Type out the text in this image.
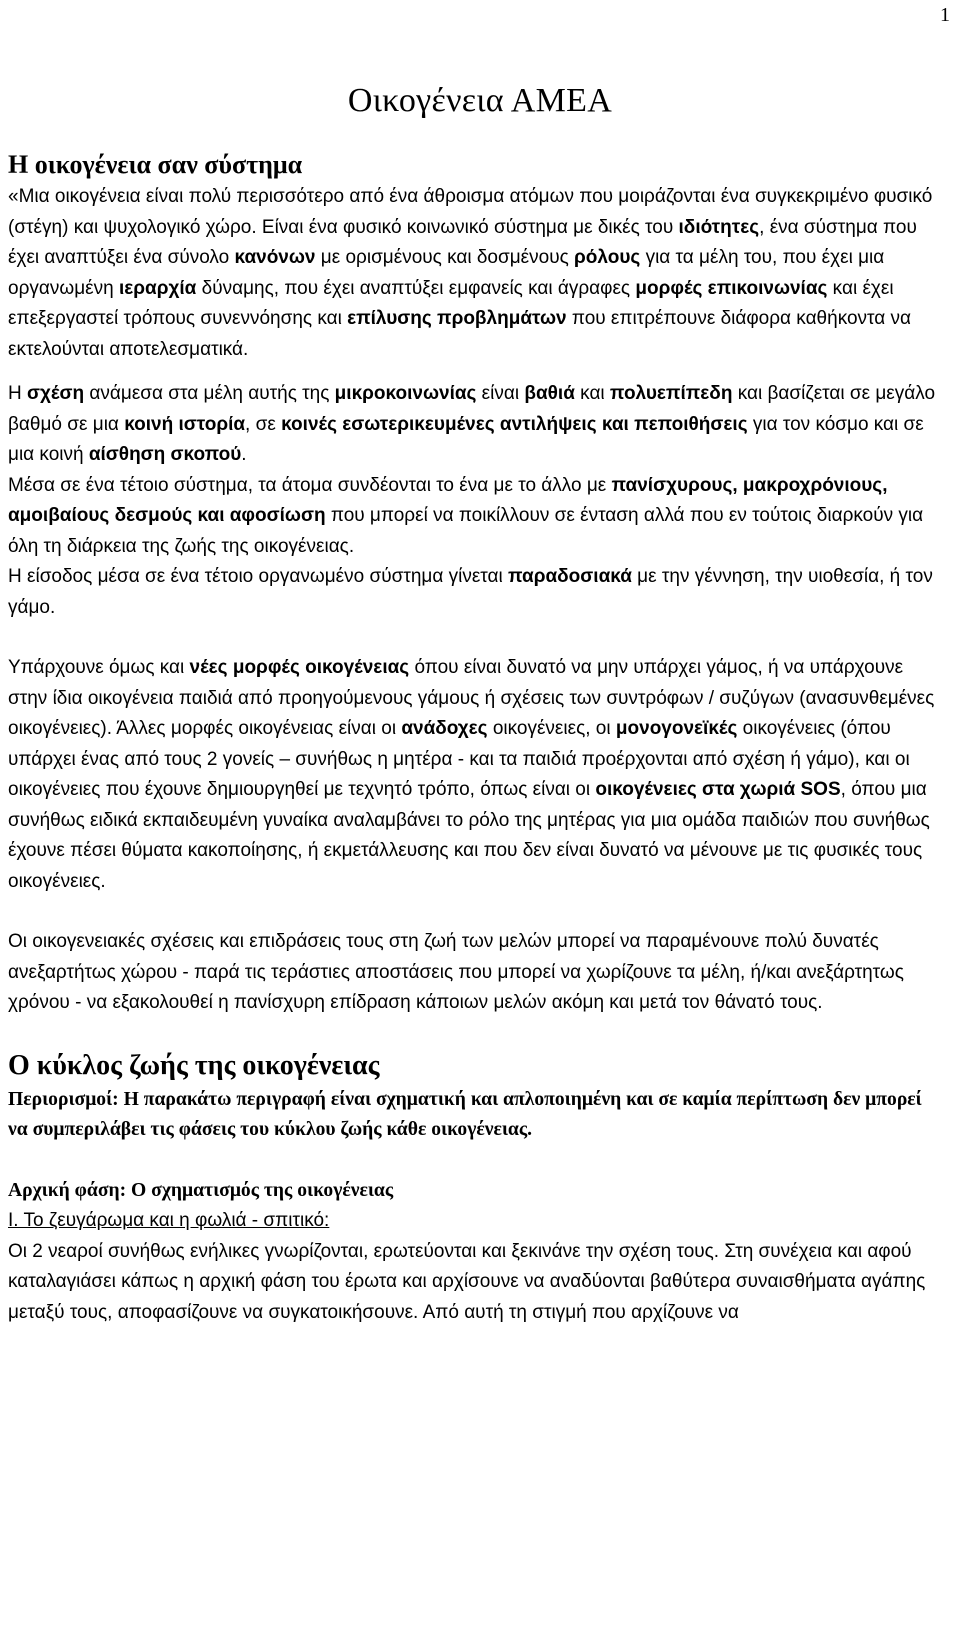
1
Οικογένεια ΑΜΕΑ
Η οικογένεια σαν σύστημα

«Μια οικογένεια είναι πολύ περισσότερο από ένα άθροισμα ατόμων που μοιράζονται ένα συγκεκριμένο φυσικό (στέγη) και ψυχολογικό χώρο. Είναι ένα φυσικό κοινωνικό σύστημα με δικές του ιδιότητες, ένα σύστημα που έχει αναπτύξει ένα σύνολο κανόνων με ορισμένους και δοσμένους ρόλους για τα μέλη του, που έχει μια οργανωμένη ιεραρχία δύναμης, που έχει αναπτύξει εμφανείς και άγραφες μορφές επικοινωνίας και έχει επεξεργαστεί τρόπους συνεννόησης και επίλυσης προβλημάτων που επιτρέπουνε διάφορα καθήκοντα να εκτελούνται αποτελεσματικά.

Η σχέση ανάμεσα στα μέλη αυτής της μικροκοινωνίας είναι βαθιά και πολυεπίπεδη και βασίζεται σε μεγάλο βαθμό σε μια κοινή ιστορία, σε κοινές εσωτερικευμένες αντιλήψεις και πεποιθήσεις για τον κόσμο και σε μια κοινή αίσθηση σκοπού.

Μέσα σε ένα τέτοιο σύστημα, τα άτομα συνδέονται το ένα με το άλλο με πανίσχυρους, μακροχρόνιους, αμοιβαίους δεσμούς και αφοσίωση που μπορεί να ποικίλλουν σε ένταση αλλά που εν τούτοις διαρκούν για όλη τη διάρκεια της ζωής της οικογένειας.

Η είσοδος μέσα σε ένα τέτοιο οργανωμένο σύστημα γίνεται παραδοσιακά με την γέννηση, την υιοθεσία, ή τον γάμο.

Υπάρχουνε όμως και νέες μορφές οικογένειας όπου είναι δυνατό να μην υπάρχει γάμος, ή να υπάρχουνε στην ίδια οικογένεια παιδιά από προηγούμενους γάμους ή σχέσεις των συντρόφων / συζύγων (ανασυνθεμένες οικογένειες). Άλλες μορφές οικογένειας είναι οι ανάδοχες οικογένειες, οι μονογονεϊκές οικογένειες (όπου υπάρχει ένας από τους 2 γονείς – συνήθως η μητέρα - και τα παιδιά προέρχονται από σχέση ή γάμο), και οι οικογένειες που έχουνε δημιουργηθεί με τεχνητό τρόπο, όπως είναι οι οικογένειες στα χωριά SOS, όπου μια συνήθως ειδικά εκπαιδευμένη γυναίκα αναλαμβάνει το ρόλο της μητέρας για μια ομάδα παιδιών που συνήθως έχουνε πέσει θύματα κακοποίησης, ή εκμετάλλευσης και που δεν είναι δυνατό να μένουνε με τις φυσικές τους οικογένειες.

Οι οικογενειακές σχέσεις και επιδράσεις τους στη ζωή των μελών μπορεί να παραμένουνε πολύ δυνατές ανεξαρτήτως χώρου - παρά τις τεράστιες αποστάσεις που μπορεί να χωρίζουνε τα μέλη, ή/και ανεξάρτητως χρόνου - να εξακολουθεί η πανίσχυρη επίδραση κάποιων μελών ακόμη και μετά τον θάνατό τους.

Ο κύκλος ζωής της οικογένειας

Περιορισμοί: Η παρακάτω περιγραφή είναι σχηματική και απλοποιημένη και σε καμία περίπτωση δεν μπορεί να συμπεριλάβει τις φάσεις του κύκλου ζωής κάθε οικογένειας.

Αρχική φάση: Ο σχηματισμός της οικογένειας

Ι. Το ζευγάρωμα και η φωλιά - σπιτικό:

Οι 2 νεαροί συνήθως ενήλικες γνωρίζονται, ερωτεύονται και ξεκινάνε την σχέση τους. Στη συνέχεια και αφού καταλαγιάσει κάπως η αρχική φάση του έρωτα και αρχίσουνε να αναδύονται βαθύτερα συναισθήματα αγάπης μεταξύ τους, αποφασίζουνε να συγκατοικήσουνε. Από αυτή τη στιγμή που αρχίζουνε να
